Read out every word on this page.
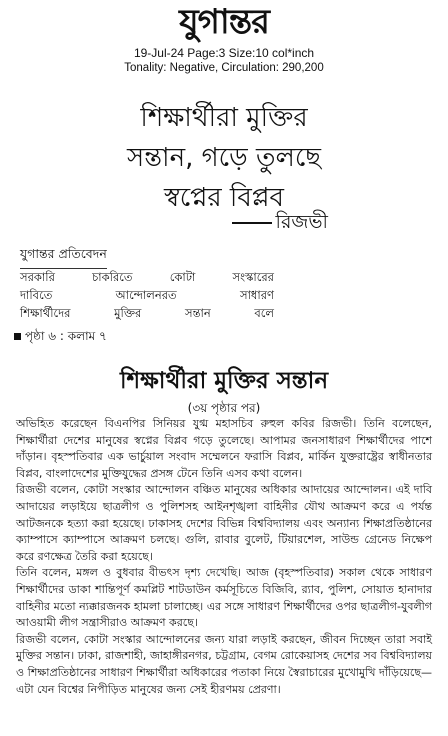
যুগান্তর
19-Jul-24 Page:3 Size:10 col*inch
Tonality: Negative, Circulation: 290,200
শিক্ষার্থীরা মুক্তির
সন্তান, গড়ে তুলছে
স্বপ্নের বিপ্লব
রিজভী
যুগান্তর প্রতিবেদন
সরকারি চাকরিতে কোটা সংস্কারের
দাবিতে আন্দোলনরত সাধারণ
শিক্ষার্থীদের মুক্তির সন্তান বলে
পৃষ্ঠা ৬ : কলাম ৭
শিক্ষার্থীরা মুক্তির সন্তান
(৩য় পৃষ্ঠার পর)

অভিহিত করেছেন বিএনপির সিনিয়র যুগ্ম মহাসচিব রুহুল কবির রিজভী। তিনি বলেছেন, শিক্ষার্থীরা দেশের মানুষের স্বপ্নের বিপ্লব গড়ে তুলেছে। আপামর জনসাধারণ শিক্ষার্থীদের পাশে দাঁড়ান। বৃহস্পতিবার এক ভার্চুয়াল সংবাদ সম্মেলনে ফরাসি বিপ্লব, মার্কিন যুক্তরাষ্ট্রের স্বাধীনতার বিপ্লব, বাংলাদেশের মুক্তিযুদ্ধের প্রসঙ্গ টেনে তিনি এসব কথা বলেন।

রিজভী বলেন, কোটা সংস্কার আন্দোলন বঞ্চিত মানুষের অধিকার আদায়ের আন্দোলন। এই দাবি আদায়ের লড়াইয়ে ছাত্রলীগ ও পুলিশসহ আইনশৃঙ্খলা বাহিনীর যৌথ আক্রমণ করে এ পর্যন্ত আটজনকে হত্যা করা হয়েছে। ঢাকাসহ দেশের বিভিন্ন বিশ্ববিদ্যালয় এবং অন্যান্য শিক্ষাপ্রতিষ্ঠানের ক্যাম্পাসে ক্যাম্পাসে আক্রমণ চলছে। গুলি, রাবার বুলেট, টিয়ারশেল, সাউন্ড গ্রেনেড নিক্ষেপ করে রণক্ষেত্র তৈরি করা হয়েছে।

তিনি বলেন, মঙ্গল ও বুধবার বীভৎস দৃশ্য দেখেছি। আজ (বৃহস্পতিবার) সকাল থেকে সাধারণ শিক্ষার্থীদের ডাকা শান্তিপূর্ণ কমপ্লিট শাটডাউন কর্মসূচিতে বিজিবি, র‌্যাব, পুলিশ, সোয়াত হানাদার বাহিনীর মতো ন্যক্কারজনক হামলা চালাচ্ছে। এর সঙ্গে সাধারণ শিক্ষার্থীদের ওপর ছাত্রলীগ-যুবলীগ আওয়ামী লীগ সন্ত্রাসীরাও আক্রমণ করছে।

রিজভী বলেন, কোটা সংস্কার আন্দোলনের জন্য যারা লড়াই করছেন, জীবন দিচ্ছেন তারা সবাই মুক্তির সন্তান। ঢাকা, রাজশাহী, জাহাঙ্গীরনগর, চট্টগ্রাম, বেগম রোকেয়াসহ দেশের সব বিশ্ববিদ্যালয় ও শিক্ষাপ্রতিষ্ঠানের সাধারণ শিক্ষার্থীরা অধিকারের পতাকা নিয়ে স্বৈরাচারের মুখোমুখি দাঁড়িয়েছে—এটা যেন বিশ্বের নিপীড়িত মানুষের জন্য সেই হীরণময় প্রেরণা।
